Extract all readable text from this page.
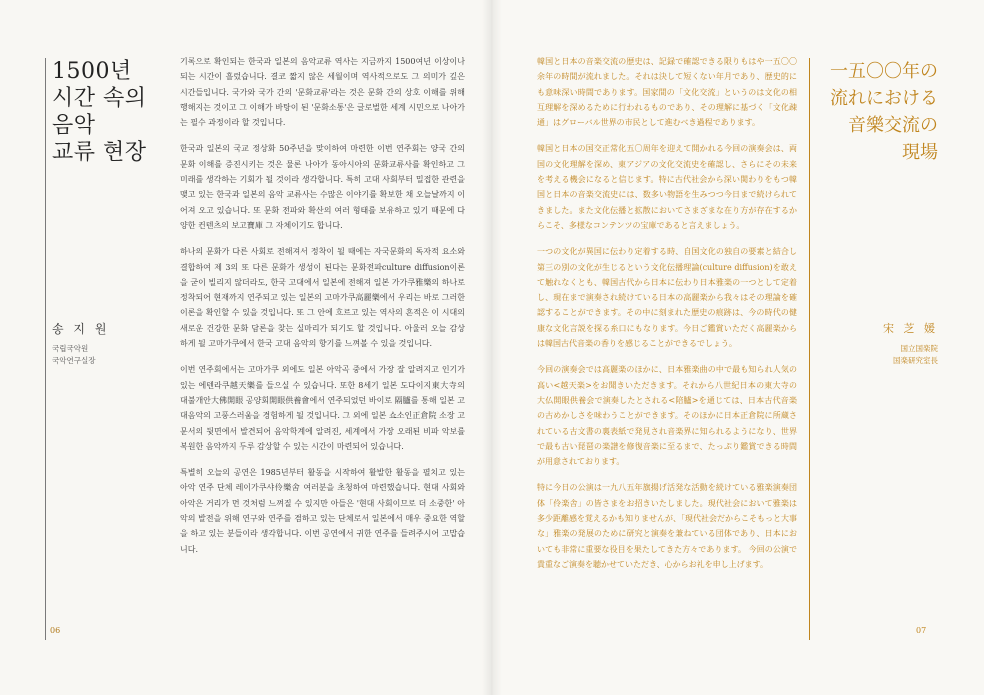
1500년
시간 속의
음악
교류 현장
송 지 원
국립국악원
국악연구실장
06

기록으로 확인되는 한국과 일본의 음악교류 역사는 지금까지 1500여년 이상이나 되는 시간이 흘렀습니다. 결코 짧지 않은 세월이며 역사적으로도 그 의미가 깊은 시간들입니다. 국가와 국가 간의 '문화교류'라는 것은 문화 간의 상호 이해를 위해 행해지는 것이고 그 이해가 바탕이 된 '문화소통'은 글로벌한 세계 시민으로 나아가는 필수 과정이라 할 것입니다.

한국과 일본의 국교 정상화 50주년을 맞이하여 마련한 이번 연주회는 양국 간의 문화 이해를 증진시키는 것은 물론 나아가 동아시아의 문화교류사를 확인하고 그 미래를 생각하는 기회가 될 것이라 생각합니다. 특히 고대 사회부터 밀접한 관련을 맺고 있는 한국과 일본의 음악 교류사는 수많은 이야기를 확보한 채 오늘날까지 이어져 오고 있습니다. 또 문화 전파와 확산의 여러 형태를 보유하고 있기 때문에 다양한 컨텐츠의 보고寶庫 그 자체이기도 합니다.

하나의 문화가 다른 사회로 전해져서 정착이 될 때에는 자국문화의 독자적 요소와 결합하여 제 3의 또 다른 문화가 생성이 된다는 문화전파culture diffusion이론을 굳이 빌리지 않더라도, 한국 고대에서 일본에 전해져 일본 가가쿠雅樂의 하나로 정착되어 현재까지 연주되고 있는 일본의 고마가쿠高麗樂에서 우리는 바로 그러한 이론을 확인할 수 있을 것입니다. 또 그 안에 흐르고 있는 역사의 흔적은 이 시대의 새로운 건강한 문화 담론을 찾는 실마리가 되기도 할 것입니다. 아울러 오늘 감상하게 될 고마가쿠에서 한국 고대 음악의 향기를 느껴볼 수 있을 것입니다.

이번 연주회에서는 고마가쿠 외에도 일본 아악곡 중에서 가장 잘 알려지고 인기가 있는 에텐라쿠越天樂를 들으실 수 있습니다. 또한 8세기 일본 도다이지東大寺의 대불개안大佛開眼 공양회開眼供養會에서 연주되었던 바이로 隔臚를 통해 일본 고대음악의 고풍스러움을 경험하게 될 것입니다. 그 외에 일본 쇼소인正倉院 소장 고문서의 뒷면에서 발견되어 음악학계에 알려진, 세계에서 가장 오래된 비파 악보를 복원한 음악까지 두루 감상할 수 있는 시간이 마련되어 있습니다.

특별히 오늘의 공연은 1985년부터 활동을 시작하여 활발한 활동을 펼치고 있는 아악 연주 단체 레이가쿠샤伶樂舍 여러분을 초청하여 마련했습니다. 현대 사회와 아악은 거리가 먼 것처럼 느껴질 수 있지만 아들은 '현대 사회이므로 더 소중한' 아악의 발전을 위해 연구와 연주를 겸하고 있는 단체로서 일본에서 매우 중요한 역할을 하고 있는 분들이라 생각합니다. 이번 공연에서 귀한 연주를 들려주시어 고맙습니다.

韓国と日本の音楽交流の歴史は、記録で確認できる限りもはや一五〇〇余年の時間が流れました。それは決して短くない年月であり、歴史的にも意味深い時間であります。国家間の「文化交流」というのは文化の相互理解を深めるために行われるものであり、その理解に基づく「文化疎通」はグローバル世界の市民として進むべき過程であります。

韓国と日本の国交正常化五〇周年を迎えて開かれる今回の演奏会は、両国の文化理解を深め、東アジアの文化交流史を確認し、さらにその未来を考える機会になると信じます。特に古代社会から深い関わりをもつ韓国と日本の音楽交流史には、数多い物語を生みつつ今日まで続けられてきました。また文化伝播と拡散においてさまざまな在り方が存在するからこそ、多様なコンテンツの宝庫であると言えましょう。

一つの文化が異国に伝わり定着する時、自国文化の独自の要素と結合し第三の別の文化が生じるという文化伝播理論(culture diffusion)を敢えて触れなくとも、韓国古代から日本に伝わり日本雅楽の一つとして定着し、現在まで演奏され続けている日本の高麗楽から我々はその理論を確認することができます。その中に刻まれた歴史の痕跡は、今の時代の健康な文化言説を探る糸口にもなります。今日ご鑑賞いただく高麗楽からは韓国古代音楽の香りを感じることができるでしょう。

今回の演奏会では高麗楽のほかに、日本雅楽曲の中で最も知られ人気の高い<越天楽>をお聞きいただきます。それから八世紀日本の東大寺の大仏開眼供養会で演奏したとされる<陪臚>を通じては、日本古代音楽の古めかしさを味わうことができます。そのほかに日本正倉院に所蔵されている古文書の裏表紙で発見され音楽界に知られるようになり、世界で最も古い琵琶の楽譜を修復音楽に至るまで、たっぷり鑑賞できる時間が用意されております。

特に今日の公演は一九八五年旗揚げ活発な活動を続けている雅楽演奏団体「伶楽舎」の皆さまをお招きいたしました。現代社会において雅楽は多少距離感を覚えるかも知りませんが、「現代社会だからこそもっと大事な」雅楽の発展のために研究と演奏を兼ねている団体であり、日本においても非常に重要な役目を果たしてきた方々であります。 今回の公演で貴重なご演奏を聴かせていただき、心からお礼を申し上げます。

一五〇〇年の
流れにおける
音樂交流の
現場
宋 芝 媛
国立国楽院
国楽研究室長
07
